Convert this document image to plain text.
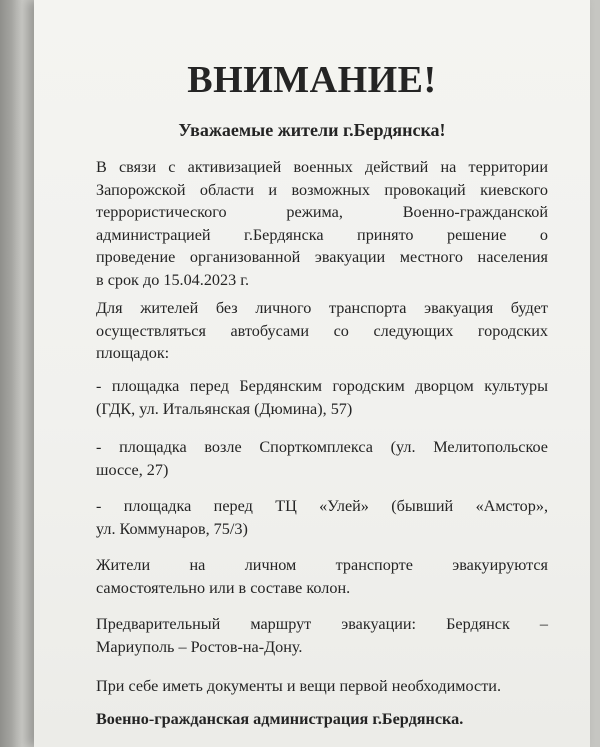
ВНИМАНИЕ!
Уважаемые жители г.Бердянска!
В связи с активизацией военных действий на территории
Запорожской области и возможных провокаций киевского
террористического режима, Военно-гражданской
администрацией г.Бердянска принято решение о
проведение организованной эвакуации местного населения
в срок до 15.04.2023 г.
Для жителей без личного транспорта эвакуация будет
осуществляться автобусами со следующих городских
площадок:
- площадка перед Бердянским городским дворцом культуры
(ГДК, ул. Итальянская (Дюмина), 57)
- площадка возле Спорткомплекса (ул. Мелитопольское
шоссе, 27)
- площадка перед ТЦ «Улей» (бывший «Амстор»,
ул. Коммунаров, 75/3)
Жители на личном транспорте эвакуируются
самостоятельно или в составе колон.
Предварительный маршрут эвакуации: Бердянск –
Мариуполь – Ростов-на-Дону.
При себе иметь документы и вещи первой необходимости.
Военно-гражданская администрация г.Бердянска.
